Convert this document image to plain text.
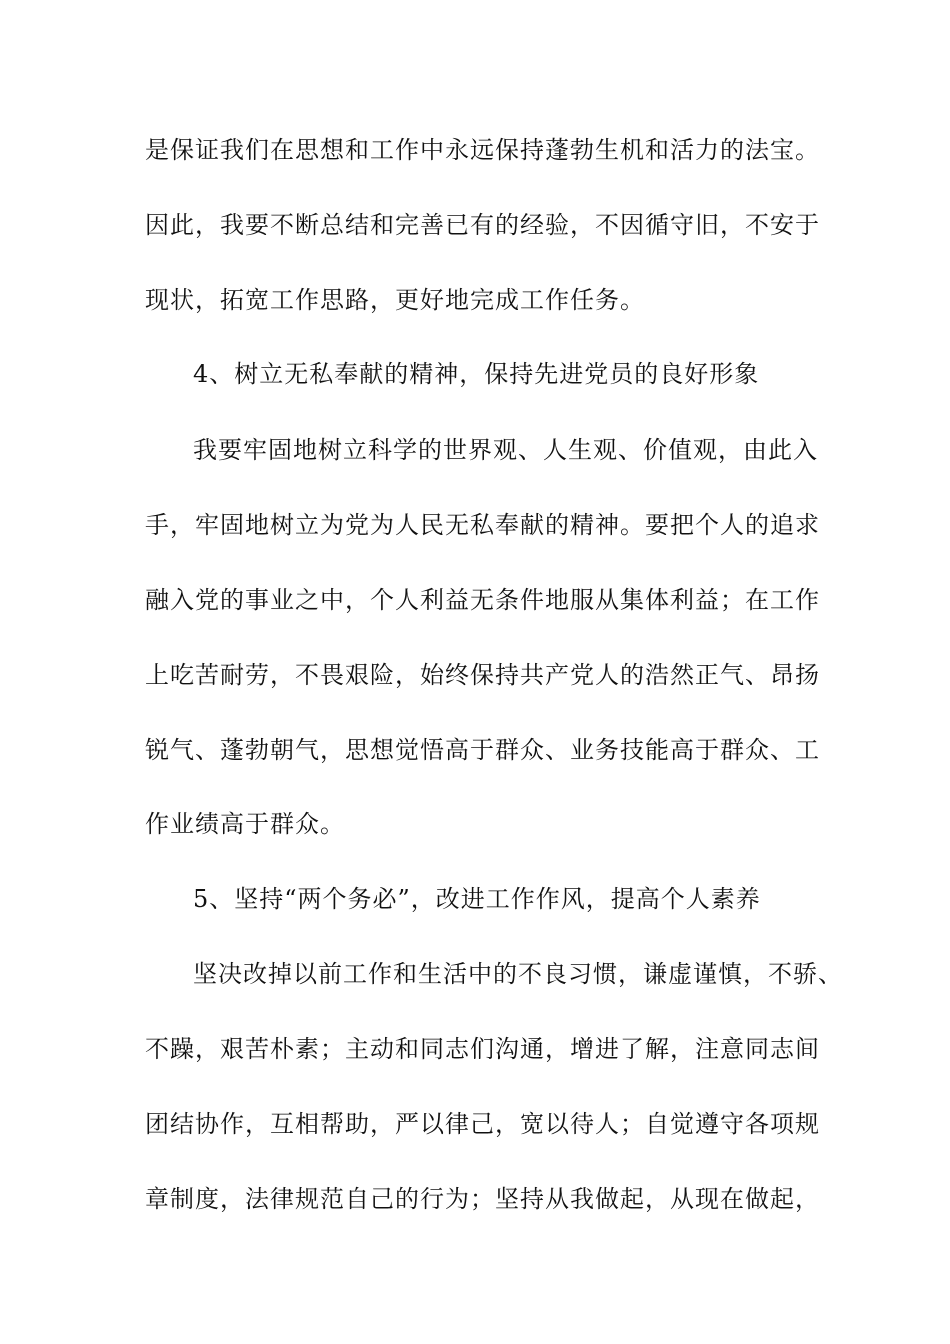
是保证我们在思想和工作中永远保持蓬勃生机和活力的法宝。
因此，我要不断总结和完善已有的经验，不因循守旧，不安于
现状，拓宽工作思路，更好地完成工作任务。
4、树立无私奉献的精神，保持先进党员的良好形象
我要牢固地树立科学的世界观、人生观、价值观，由此入
手，牢固地树立为党为人民无私奉献的精神。要把个人的追求
融入党的事业之中，个人利益无条件地服从集体利益；在工作
上吃苦耐劳，不畏艰险，始终保持共产党人的浩然正气、昂扬
锐气、蓬勃朝气，思想觉悟高于群众、业务技能高于群众、工
作业绩高于群众。
5、坚持“两个务必”，改进工作作风，提高个人素养
坚决改掉以前工作和生活中的不良习惯，谦虚谨慎，不骄、
不躁，艰苦朴素；主动和同志们沟通，增进了解，注意同志间
团结协作，互相帮助，严以律己，宽以待人；自觉遵守各项规
章制度，法律规范自己的行为；坚持从我做起，从现在做起，
